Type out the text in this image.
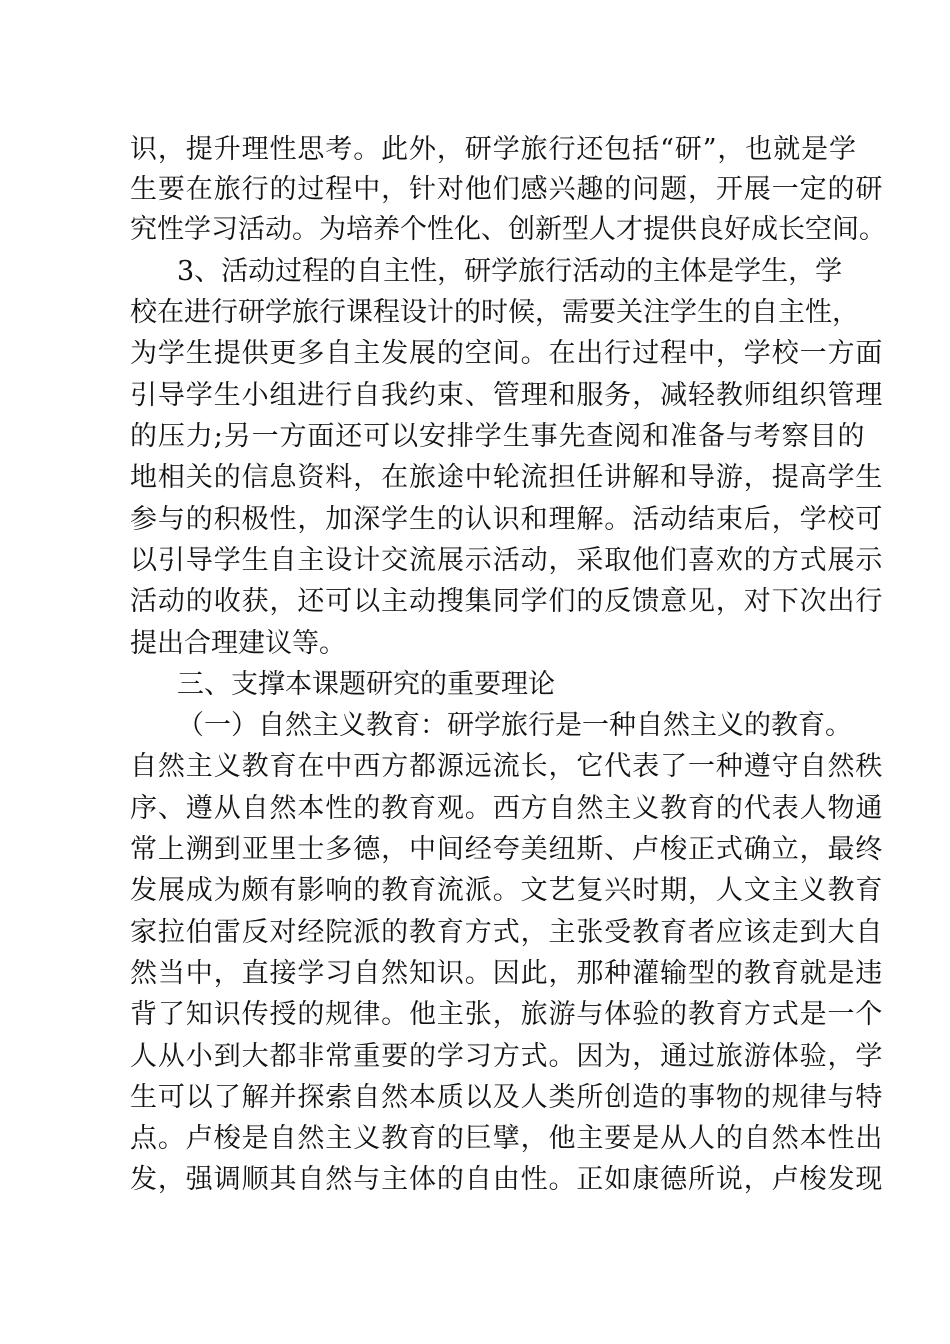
识，提升理性思考。此外，研学旅行还包括“研”，也就是学
生要在旅行的过程中，针对他们感兴趣的问题，开展一定的研
究性学习活动。为培养个性化、创新型人才提供良好成长空间。
3、活动过程的自主性，研学旅行活动的主体是学生，学
校在进行研学旅行课程设计的时候，需要关注学生的自主性，
为学生提供更多自主发展的空间。在出行过程中，学校一方面
引导学生小组进行自我约束、管理和服务，减轻教师组织管理
的压力;另一方面还可以安排学生事先查阅和准备与考察目的
地相关的信息资料，在旅途中轮流担任讲解和导游，提高学生
参与的积极性，加深学生的认识和理解。活动结束后，学校可
以引导学生自主设计交流展示活动，采取他们喜欢的方式展示
活动的收获，还可以主动搜集同学们的反馈意见，对下次出行
提出合理建议等。
三、支撑本课题研究的重要理论
（一）自然主义教育：研学旅行是一种自然主义的教育。
自然主义教育在中西方都源远流长，它代表了一种遵守自然秩
序、遵从自然本性的教育观。西方自然主义教育的代表人物通
常上溯到亚里士多德，中间经夸美纽斯、卢梭正式确立，最终
发展成为颇有影响的教育流派。文艺复兴时期，人文主义教育
家拉伯雷反对经院派的教育方式，主张受教育者应该走到大自
然当中，直接学习自然知识。因此，那种灌输型的教育就是违
背了知识传授的规律。他主张，旅游与体验的教育方式是一个
人从小到大都非常重要的学习方式。因为，通过旅游体验，学
生可以了解并探索自然本质以及人类所创造的事物的规律与特
点。卢梭是自然主义教育的巨擘，他主要是从人的自然本性出
发，强调顺其自然与主体的自由性。正如康德所说，卢梭发现
